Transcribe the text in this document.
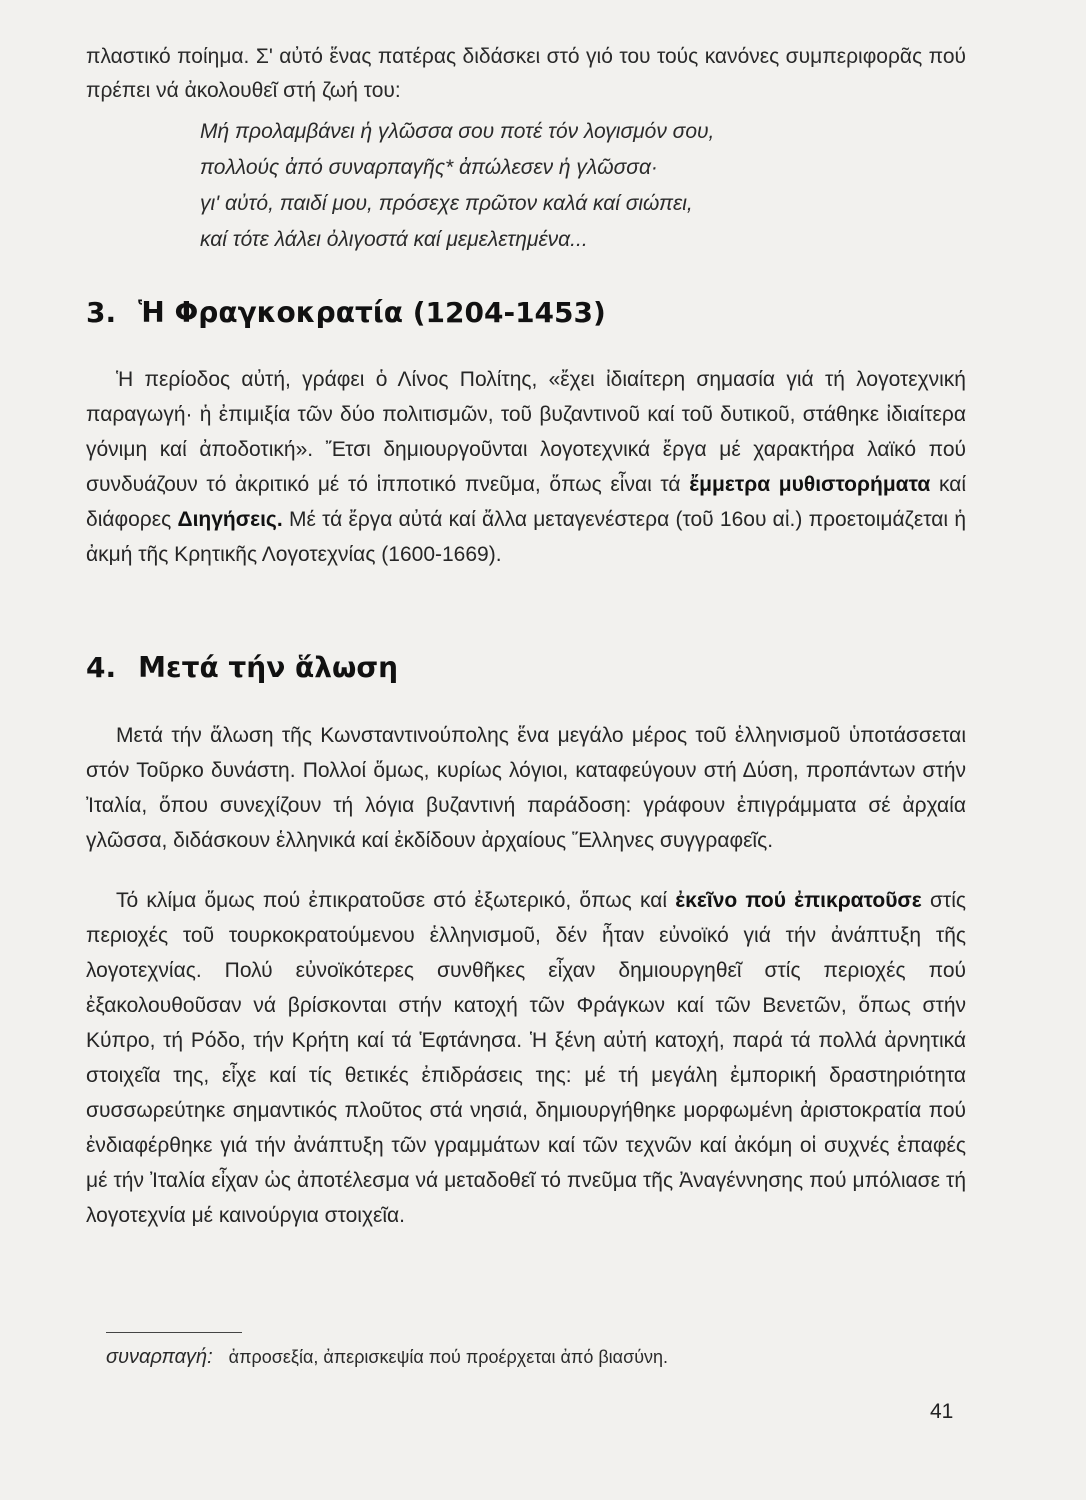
πλαστικό ποίημα. Σ' αὐτό ἕνας πατέρας διδάσκει στό γιό του τούς κανόνες συμπεριφορᾶς πού πρέπει νά ἀκολουθεῖ στή ζωή του:
Μή προλαμβάνει ἡ γλῶσσα σου ποτέ τόν λογισμόν σου,
πολλούς ἀπό συναρπαγῆς* ἀπώλεσεν ἡ γλῶσσα·
γι' αὐτό, παιδί μου, πρόσεχε πρῶτον καλά καί σιώπει,
καί τότε λάλει ὀλιγοστά καί μεμελετημένα...
3. Ἡ Φραγκοκρατία (1204-1453)

Ἡ περίοδος αὐτή, γράφει ὁ Λίνος Πολίτης, «ἔχει ἰδιαίτερη σημασία γιά τή λογοτεχνική παραγωγή· ἡ ἐπιμιξία τῶν δύο πολιτισμῶν, τοῦ βυζαντινοῦ καί τοῦ δυτικοῦ, στάθηκε ἰδιαίτερα γόνιμη καί ἀποδοτική». Ἔτσι δημιουργοῦνται λογοτεχνικά ἔργα μέ χαρακτήρα λαϊκό πού συνδυάζουν τό ἀκριτικό μέ τό ἱπποτικό πνεῦμα, ὅπως εἶναι τά ἔμμετρα μυθιστορήματα καί διάφορες Διηγήσεις. Μέ τά ἔργα αὐτά καί ἄλλα μεταγενέστερα (τοῦ 16ου αἰ.) προετοιμάζεται ἡ ἀκμή τῆς Κρητικῆς Λογοτεχνίας (1600-1669).

4. Μετά τήν ἅλωση

Μετά τήν ἅλωση τῆς Κωνσταντινούπολης ἕνα μεγάλο μέρος τοῦ ἑλληνισμοῦ ὑποτάσσεται στόν Τοῦρκο δυνάστη. Πολλοί ὅμως, κυρίως λόγιοι, καταφεύγουν στή Δύση, προπάντων στήν Ἰταλία, ὅπου συνεχίζουν τή λόγια βυζαντινή παράδοση: γράφουν ἐπιγράμματα σέ ἀρχαία γλῶσσα, διδάσκουν ἑλληνικά καί ἐκδίδουν ἀρχαίους Ἕλληνες συγγραφεῖς.

Τό κλίμα ὅμως πού ἐπικρατοῦσε στό ἐξωτερικό, ὅπως καί ἐκεῖνο πού ἐπικρατοῦσε στίς περιοχές τοῦ τουρκοκρατούμενου ἑλληνισμοῦ, δέν ἦταν εὐνοϊκό γιά τήν ἀνάπτυξη τῆς λογοτεχνίας. Πολύ εὐνοϊκότερες συνθῆκες εἶχαν δημιουργηθεῖ στίς περιοχές πού ἐξακολουθοῦσαν νά βρίσκονται στήν κατοχή τῶν Φράγκων καί τῶν Βενετῶν, ὅπως στήν Κύπρο, τή Ρόδο, τήν Κρήτη καί τά Ἑφτάνησα. Ἡ ξένη αὐτή κατοχή, παρά τά πολλά ἀρνητικά στοιχεῖα της, εἶχε καί τίς θετικές ἐπιδράσεις της: μέ τή μεγάλη ἐμπορική δραστηριότητα συσσωρεύτηκε σημαντικός πλοῦτος στά νησιά, δημιουργήθηκε μορφωμένη ἀριστοκρατία πού ἐνδιαφέρθηκε γιά τήν ἀνάπτυξη τῶν γραμμάτων καί τῶν τεχνῶν καί ἀκόμη οἱ συχνές ἐπαφές μέ τήν Ἰταλία εἶχαν ὡς ἀποτέλεσμα νά μεταδοθεῖ τό πνεῦμα τῆς Ἀναγέννησης πού μπόλιασε τή λογοτεχνία μέ καινούργια στοιχεῖα.

συναρπαγή: ἀπροσεξία, ἀπερισκεψία πού προέρχεται ἀπό βιασύνη.
41
